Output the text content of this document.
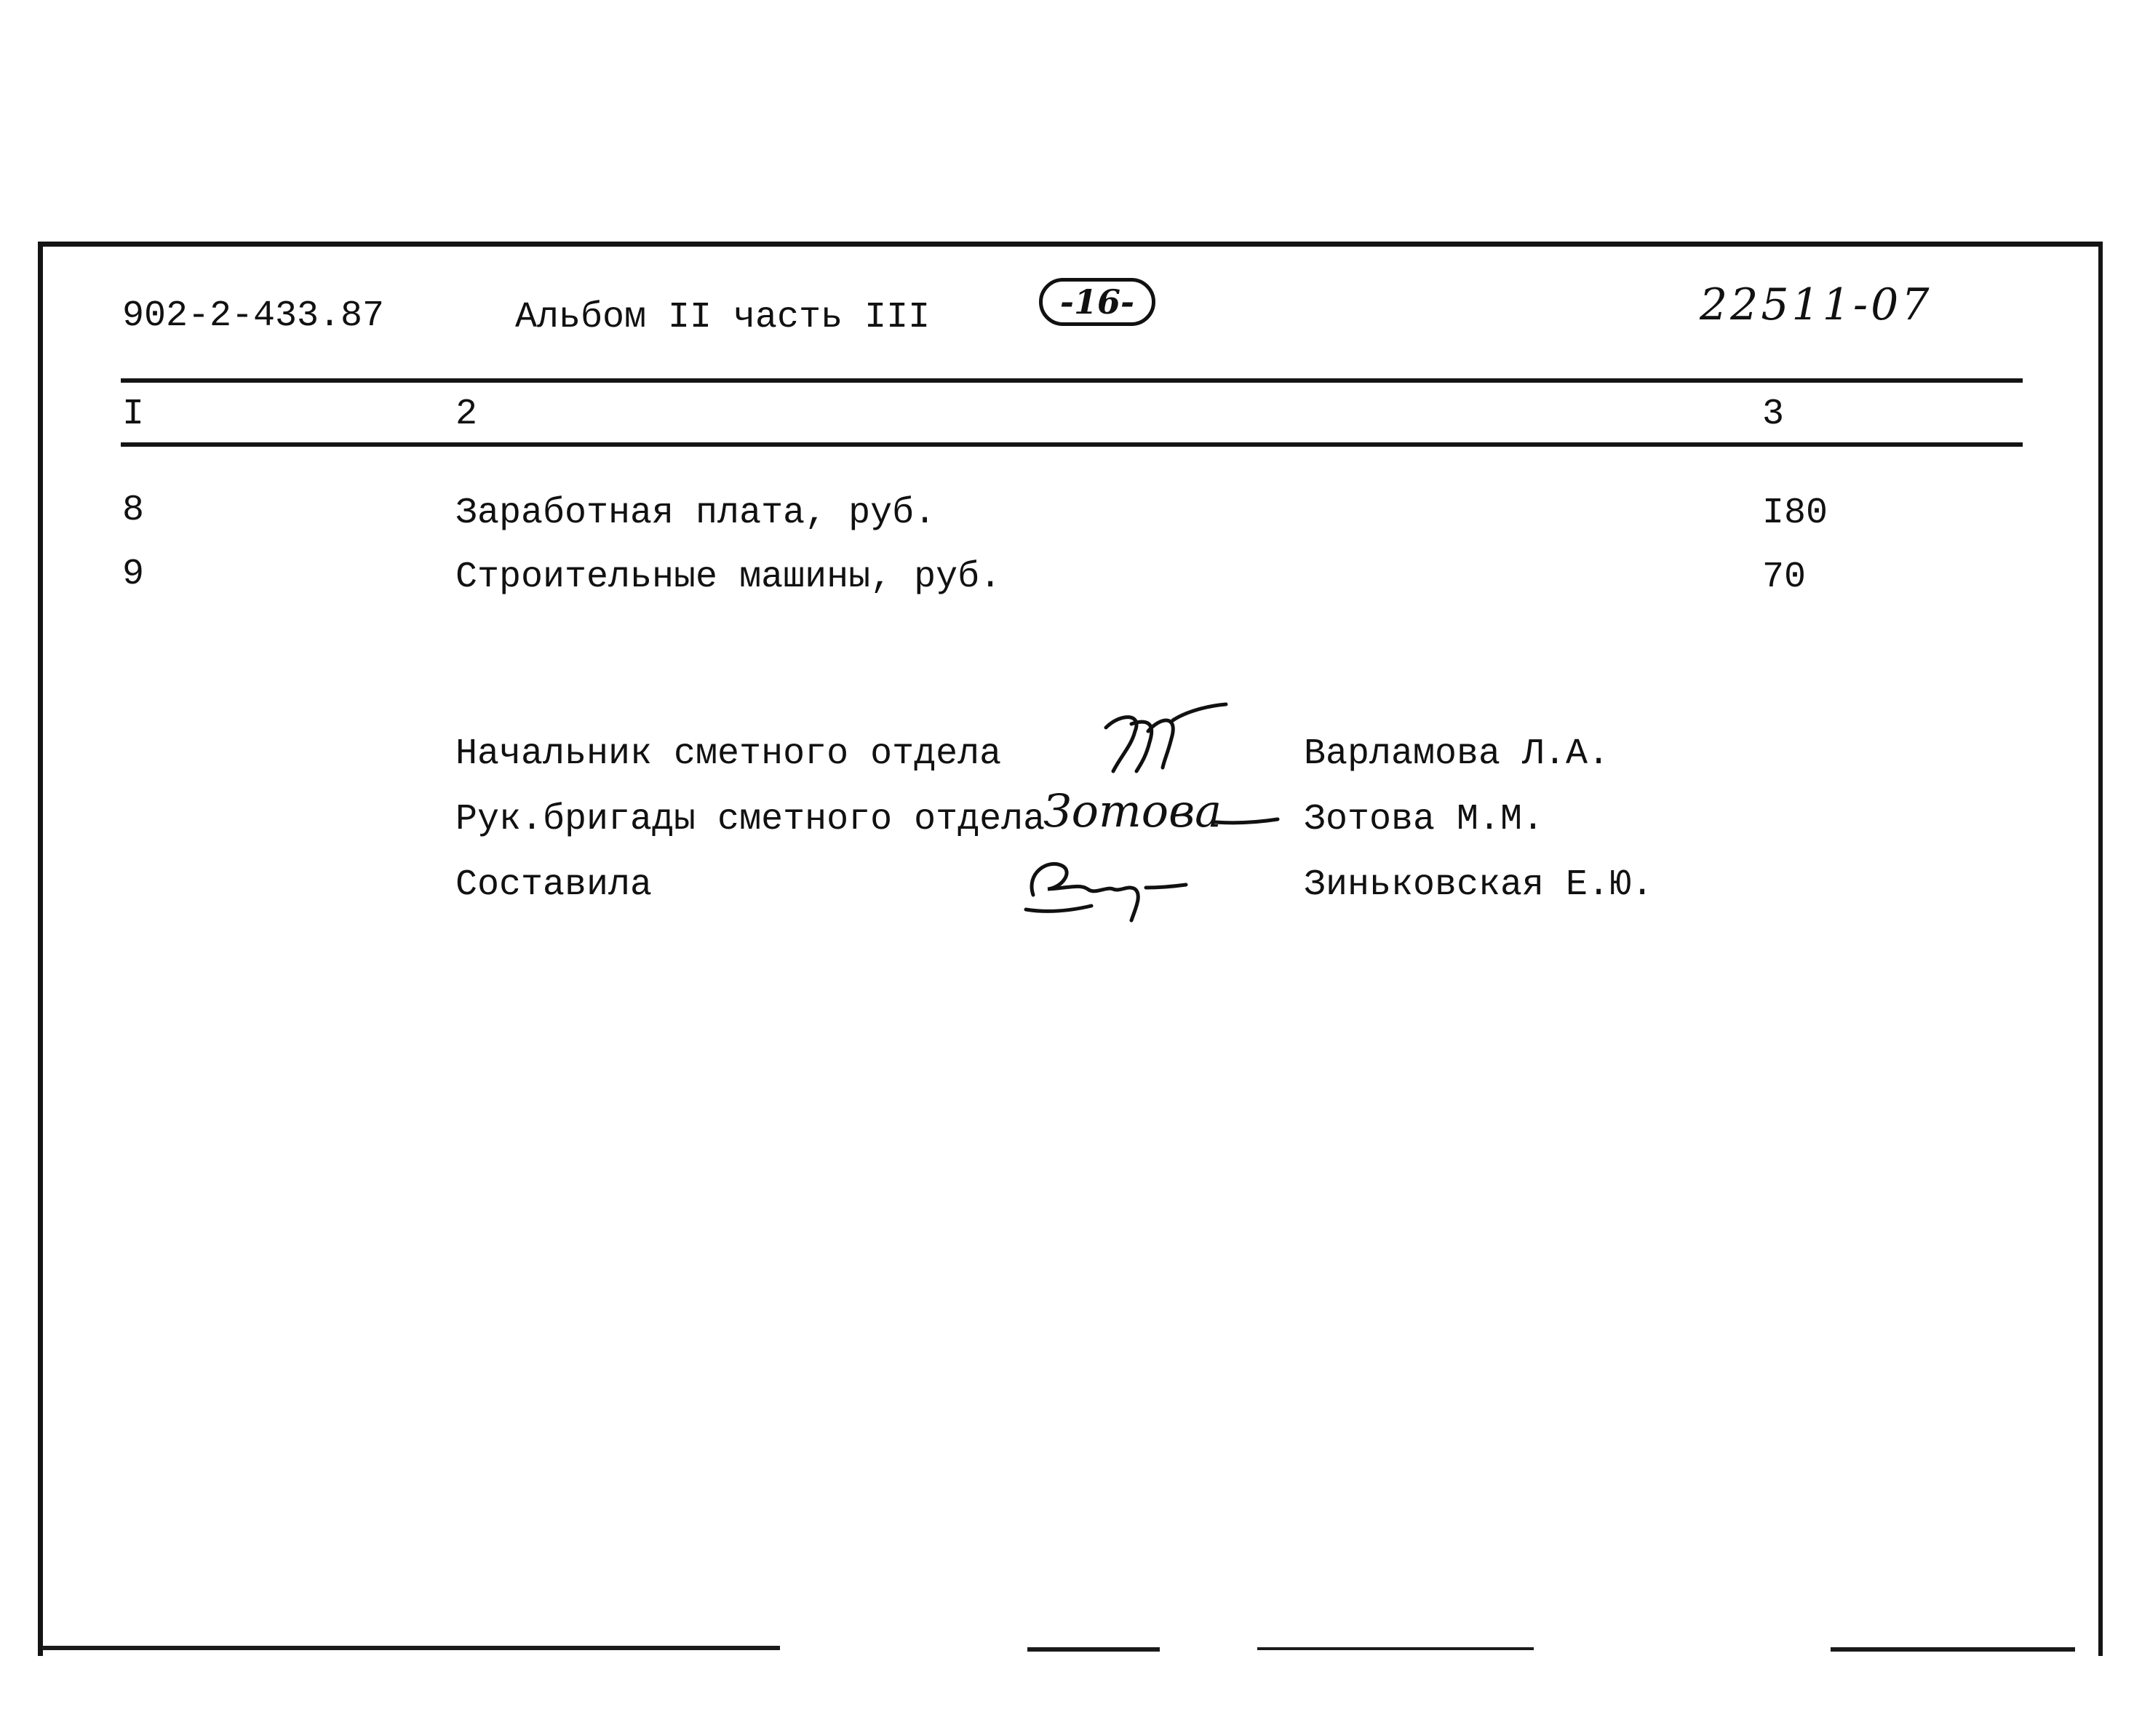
902-2-433.87	Альбом II часть III	-16-	22511-07
I	2	3
8	Заработная плата, руб.	I80
9	Строительные машины, руб.	70
Начальник сметного отдела	Варламова Л.А.
Рук.бригады сметного отдела	Зотова М.М.
Составила	Зиньковская Е.Ю.
Зотова
